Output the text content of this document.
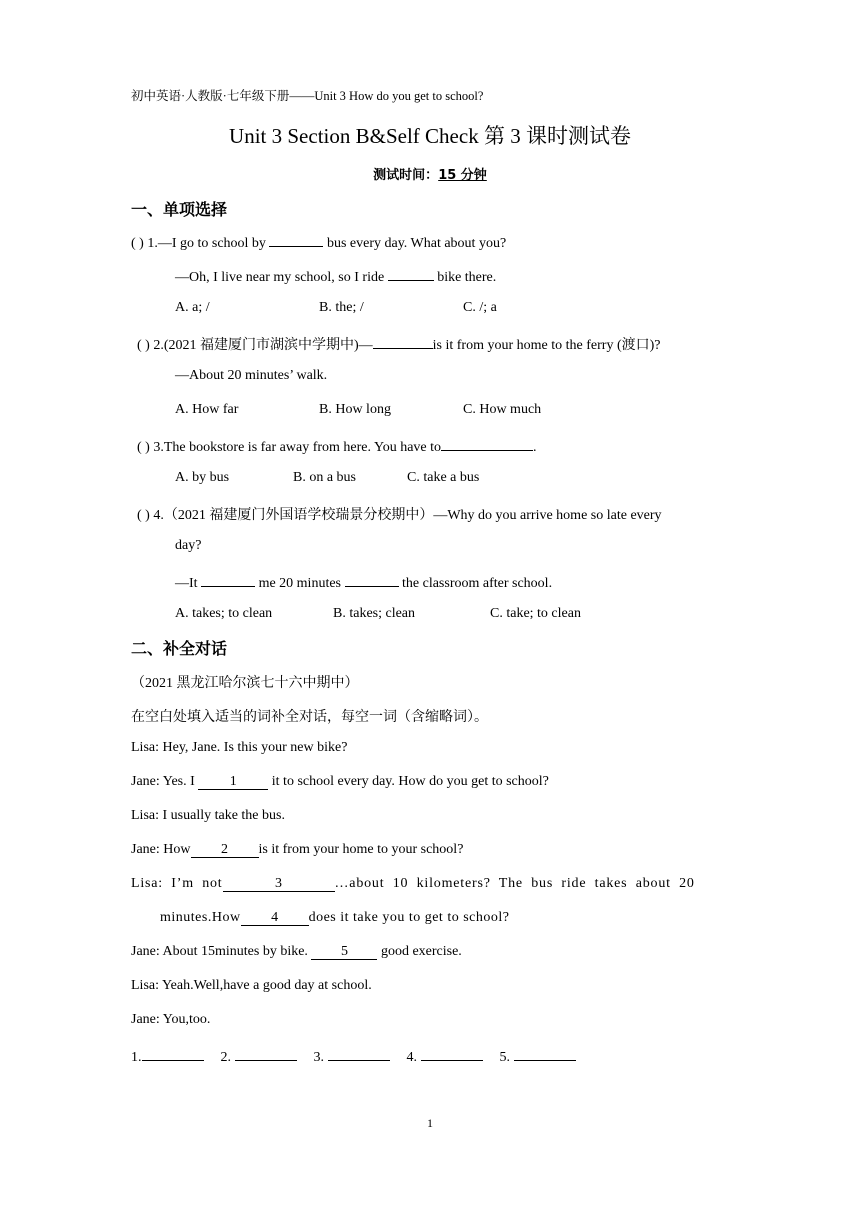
初中英语·人教版·七年级下册——Unit 3 How do you get to school?
Unit 3 Section B&Self Check 第 3 课时测试卷
测试时间：15 分钟
一、单项选择
( ) 1.—I go to school by	bus every day. What about you?
—Oh, I live near my school, so I ride	bike there.
A. a; /	B. the; /	C. /; a
( ) 2.(2021 福建厦门市湖滨中学期中)—	is it from your home to the ferry (渡口)?
—About 20 minutes’ walk.
A. How far	B. How long	C. How much
( ) 3.The bookstore is far away from here. You have to	.
A. by bus	B. on a bus	C. take a bus
( ) 4.（2021 福建厦门外国语学校瑞景分校期中）—Why do you arrive home so late every
day?
—It	me 20 minutes	the classroom after school.
A. takes; to clean	B. takes; clean	C. take; to clean
二、补全对话
（2021 黑龙江哈尔滨七十六中期中）
在空白处填入适当的词补全对话，每空一词（含缩略词）。
Lisa: Hey, Jane. Is this your new bike?
Jane: Yes. I 1 it to school every day. How do you get to school?
Lisa: I usually take the bus.
Jane: How 2 is it from your home to your school?
Lisa: I’m not	3	…about 10 kilometers? The bus ride takes about 20
minutes.How 4 does it take you to get to school?
Jane: About 15minutes by bike. 5 good exercise.
Lisa: Yeah.Well,have a good day at school.
Jane: You,too.
1.	2.	3.	4.	5.
1
